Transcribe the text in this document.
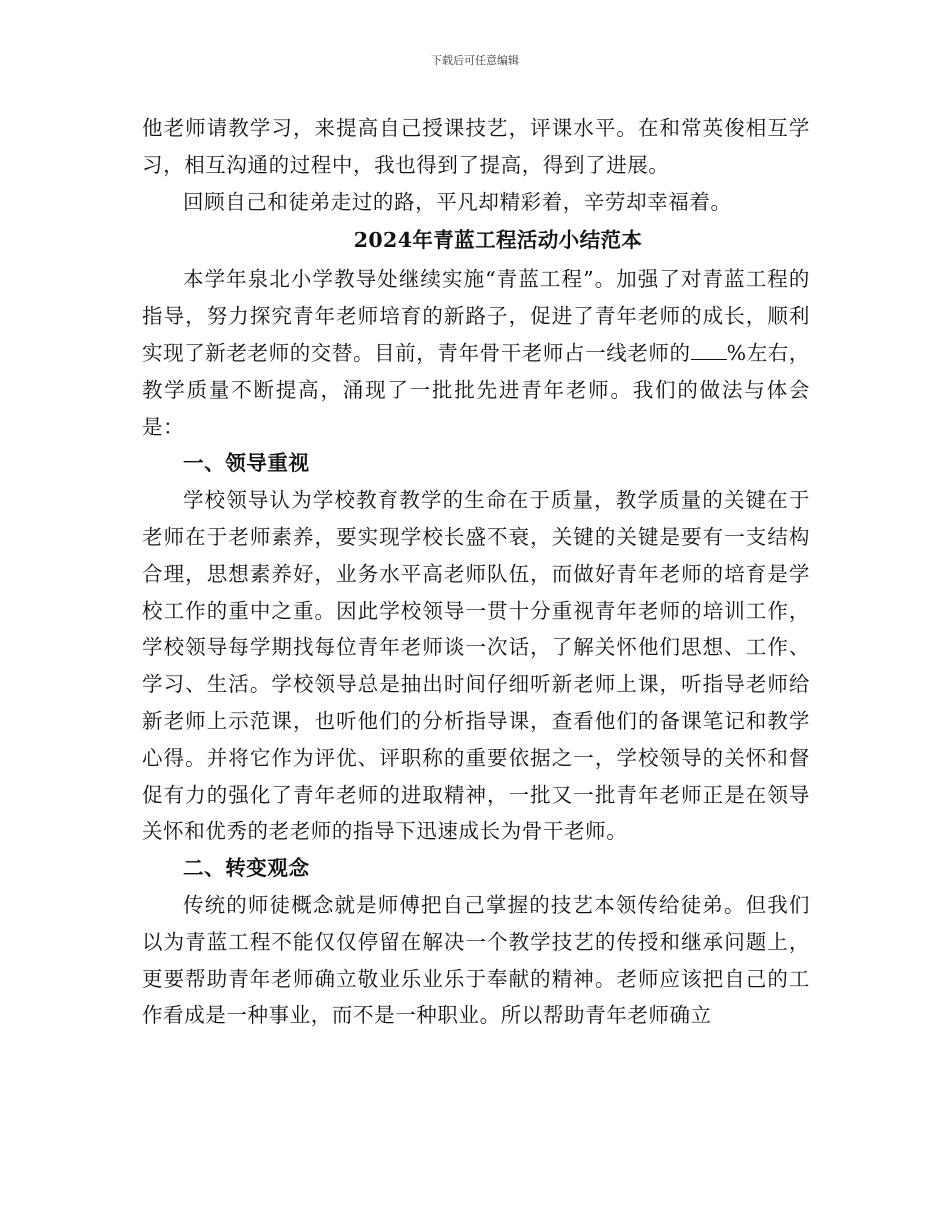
下载后可任意编辑

他老师请教学习，来提高自己授课技艺，评课水平。在和常英俊相互学习，相互沟通的过程中，我也得到了提高，得到了进展。

回顾自己和徒弟走过的路，平凡却精彩着，辛劳却幸福着。

2024年青蓝工程活动小结范本

本学年泉北小学教导处继续实施“青蓝工程”。加强了对青蓝工程的指导，努力探究青年老师培育的新路子，促进了青年老师的成长，顺利实现了新老老师的交替。目前，青年骨干老师占一线老师的 %左右，教学质量不断提高，涌现了一批批先进青年老师。我们的做法与体会是：

一、领导重视

学校领导认为学校教育教学的生命在于质量，教学质量的关键在于老师在于老师素养，要实现学校长盛不衰，关键的关键是要有一支结构合理，思想素养好，业务水平高老师队伍，而做好青年老师的培育是学校工作的重中之重。因此学校领导一贯十分重视青年老师的培训工作，学校领导每学期找每位青年老师谈一次话，了解关怀他们思想、工作、学习、生活。学校领导总是抽出时间仔细听新老师上课，听指导老师给新老师上示范课，也听他们的分析指导课，查看他们的备课笔记和教学心得。并将它作为评优、评职称的重要依据之一，学校领导的关怀和督促有力的强化了青年老师的进取精神，一批又一批青年老师正是在领导关怀和优秀的老老师的指导下迅速成长为骨干老师。

二、转变观念

传统的师徒概念就是师傅把自己掌握的技艺本领传给徒弟。但我们以为青蓝工程不能仅仅停留在解决一个教学技艺的传授和继承问题上，更要帮助青年老师确立敬业乐业乐于奉献的精神。老师应该把自己的工作看成是一种事业，而不是一种职业。所以帮助青年老师确立
